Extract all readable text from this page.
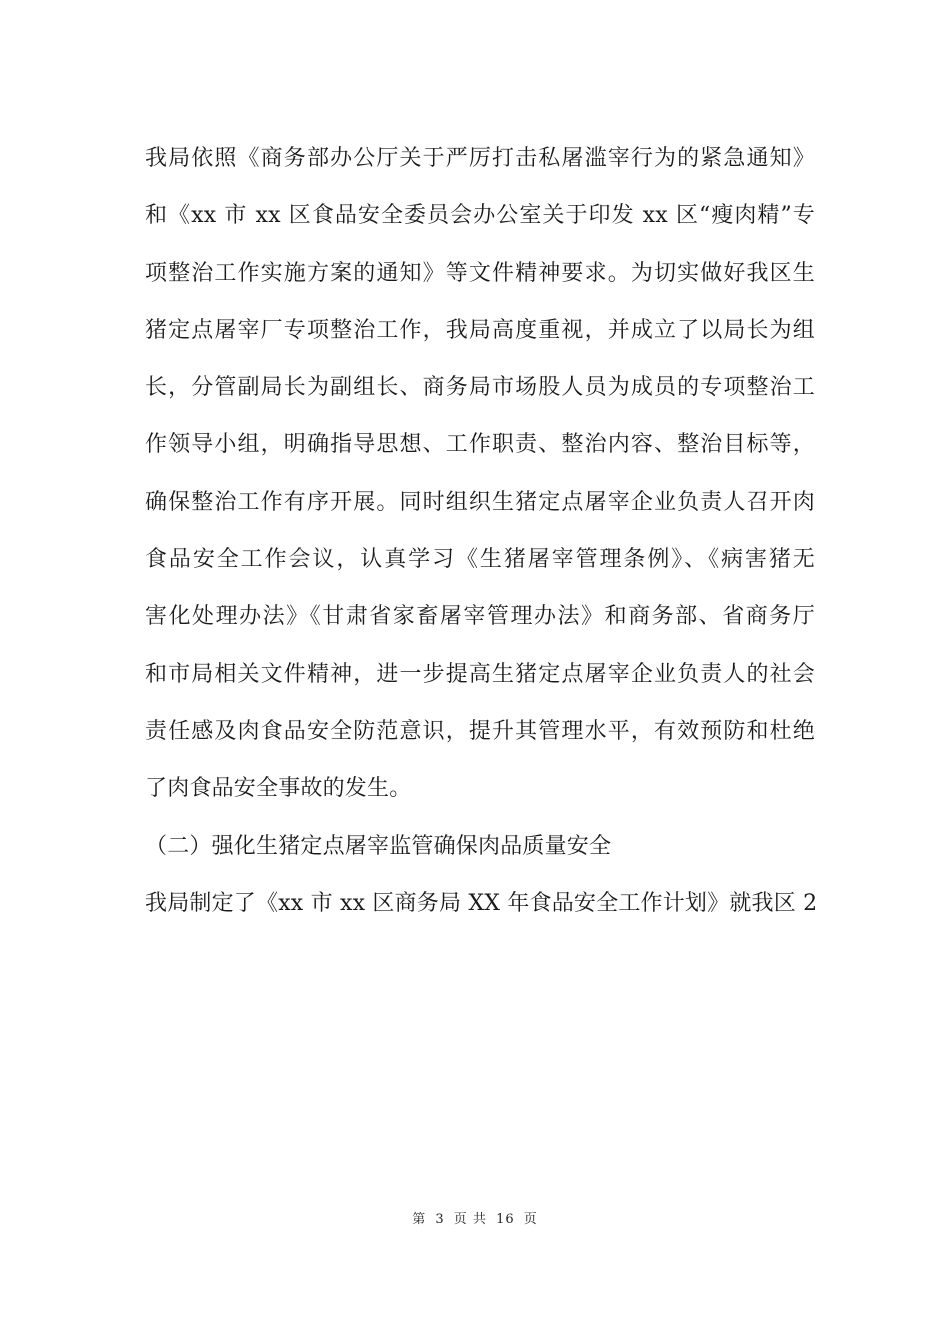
我局依照《商务部办公厅关于严厉打击私屠滥宰行为的紧急通知》
和《xx 市 xx 区食品安全委员会办公室关于印发 xx 区“瘦肉精”专
项整治工作实施方案的通知》等文件精神要求。为切实做好我区生
猪定点屠宰厂专项整治工作，我局高度重视，并成立了以局长为组
长，分管副局长为副组长、商务局市场股人员为成员的专项整治工
作领导小组，明确指导思想、工作职责、整治内容、整治目标等，
确保整治工作有序开展。同时组织生猪定点屠宰企业负责人召开肉
食品安全工作会议，认真学习《生猪屠宰管理条例》、《病害猪无
害化处理办法》《甘肃省家畜屠宰管理办法》和商务部、省商务厅
和市局相关文件精神，进一步提高生猪定点屠宰企业负责人的社会
责任感及肉食品安全防范意识，提升其管理水平，有效预防和杜绝
了肉食品安全事故的发生。
（二）强化生猪定点屠宰监管确保肉品质量安全
我局制定了《xx 市 xx 区商务局 XX 年食品安全工作计划》就我区 2
第 3 页 共 16 页
